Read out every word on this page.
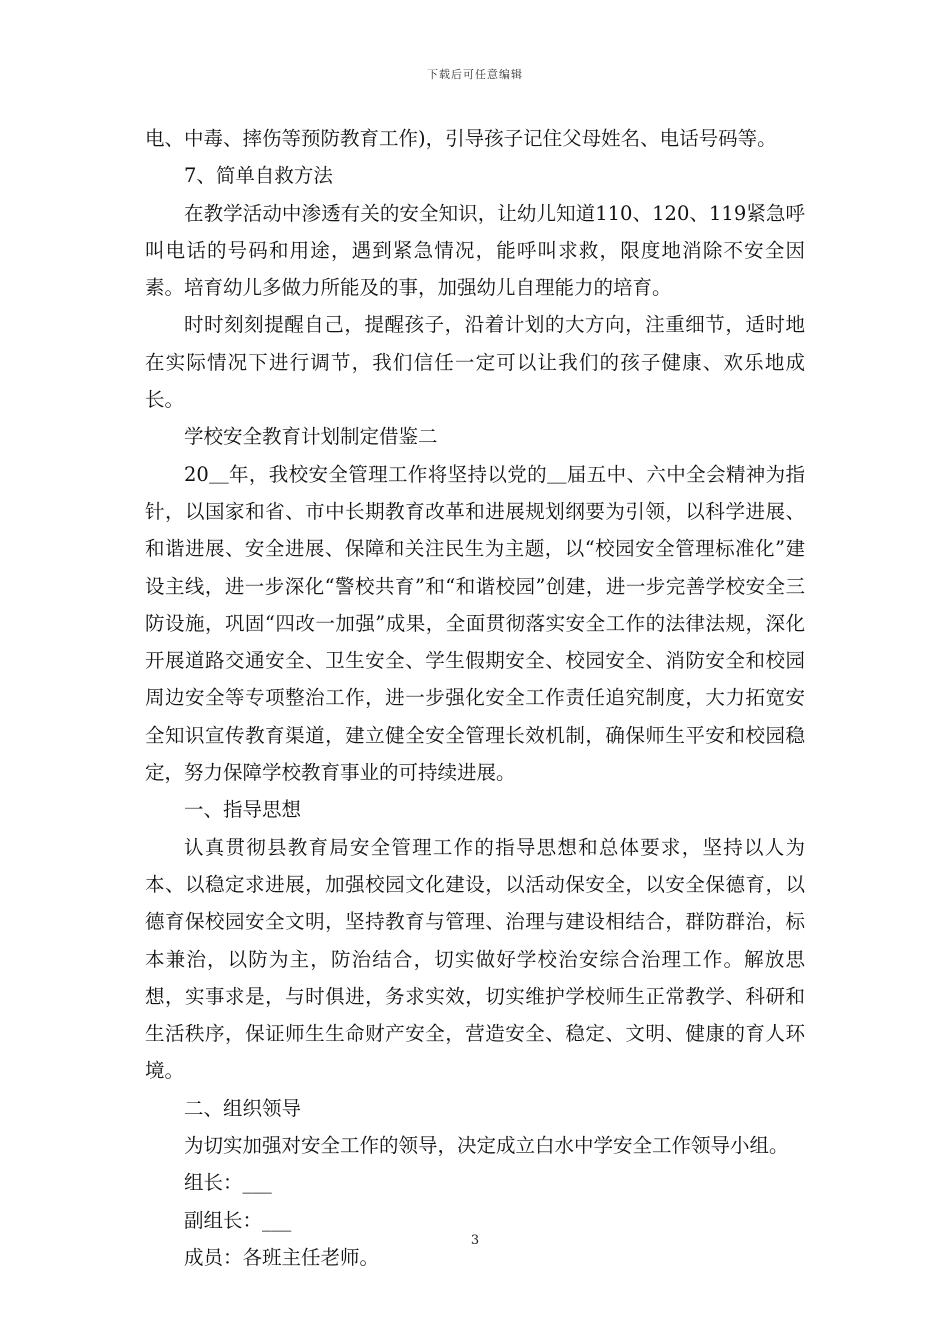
下载后可任意编辑

电、中毒、摔伤等预防教育工作)，引导孩子记住父母姓名、电话号码等。

7、简单自救方法

在教学活动中渗透有关的安全知识，让幼儿知道110、120、119紧急呼叫电话的号码和用途，遇到紧急情况，能呼叫求救，限度地消除不安全因素。培育幼儿多做力所能及的事，加强幼儿自理能力的培育。

时时刻刻提醒自己，提醒孩子，沿着计划的大方向，注重细节，适时地在实际情况下进行调节，我们信任一定可以让我们的孩子健康、欢乐地成长。

学校安全教育计划制定借鉴二

20＿年，我校安全管理工作将坚持以党的＿届五中、六中全会精神为指针，以国家和省、市中长期教育改革和进展规划纲要为引领，以科学进展、和谐进展、安全进展、保障和关注民生为主题，以“校园安全管理标准化”建设主线，进一步深化“警校共育”和“和谐校园”创建，进一步完善学校安全三防设施，巩固“四改一加强”成果，全面贯彻落实安全工作的法律法规，深化开展道路交通安全、卫生安全、学生假期安全、校园安全、消防安全和校园周边安全等专项整治工作，进一步强化安全工作责任追究制度，大力拓宽安全知识宣传教育渠道，建立健全安全管理长效机制，确保师生平安和校园稳定，努力保障学校教育事业的可持续进展。

一、指导思想

认真贯彻县教育局安全管理工作的指导思想和总体要求，坚持以人为本、以稳定求进展，加强校园文化建设，以活动保安全，以安全保德育，以德育保校园安全文明，坚持教育与管理、治理与建设相结合，群防群治，标本兼治，以防为主，防治结合，切实做好学校治安综合治理工作。解放思想，实事求是，与时俱进，务求实效，切实维护学校师生正常教学、科研和生活秩序，保证师生生命财产安全，营造安全、稳定、文明、健康的育人环境。

二、组织领导

为切实加强对安全工作的领导，决定成立白水中学安全工作领导小组。

组长：___

副组长：___

成员：各班主任老师。

3
